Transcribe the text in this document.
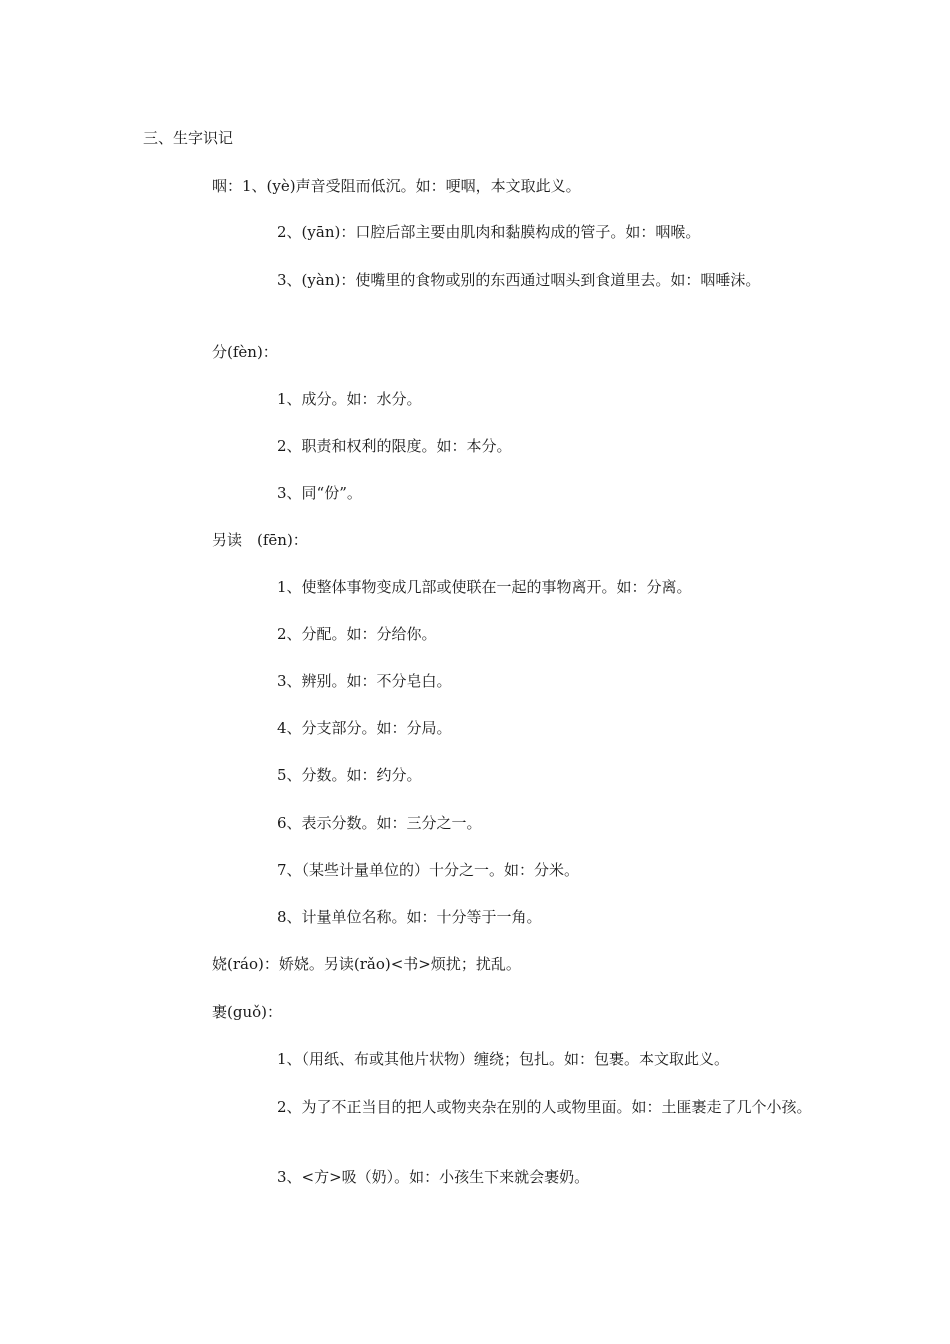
三、生字识记
咽：1、(yè)声音受阻而低沉。如：哽咽，本文取此义。
2、(yān)：口腔后部主要由肌肉和黏膜构成的管子。如：咽喉。
3、(yàn)：使嘴里的食物或别的东西通过咽头到食道里去。如：咽唾沫。
分(fèn)：
1、成分。如：水分。
2、职责和权利的限度。如：本分。
3、同“份”。
另读　(fēn)：
1、使整体事物变成几部或使联在一起的事物离开。如：分离。
2、分配。如：分给你。
3、辨别。如：不分皂白。
4、分支部分。如：分局。
5、分数。如：约分。
6、表示分数。如：三分之一。
7、（某些计量单位的）十分之一。如：分米。
8、计量单位名称。如：十分等于一角。
娆(ráo)：娇娆。另读(rǎo)<书>烦扰；扰乱。
裹(guǒ)：
1、（用纸、布或其他片状物）缠绕；包扎。如：包裹。本文取此义。
2、为了不正当目的把人或物夹杂在别的人或物里面。如：土匪裹走了几个小孩。
3、<方>吸（奶）。如：小孩生下来就会裹奶。
